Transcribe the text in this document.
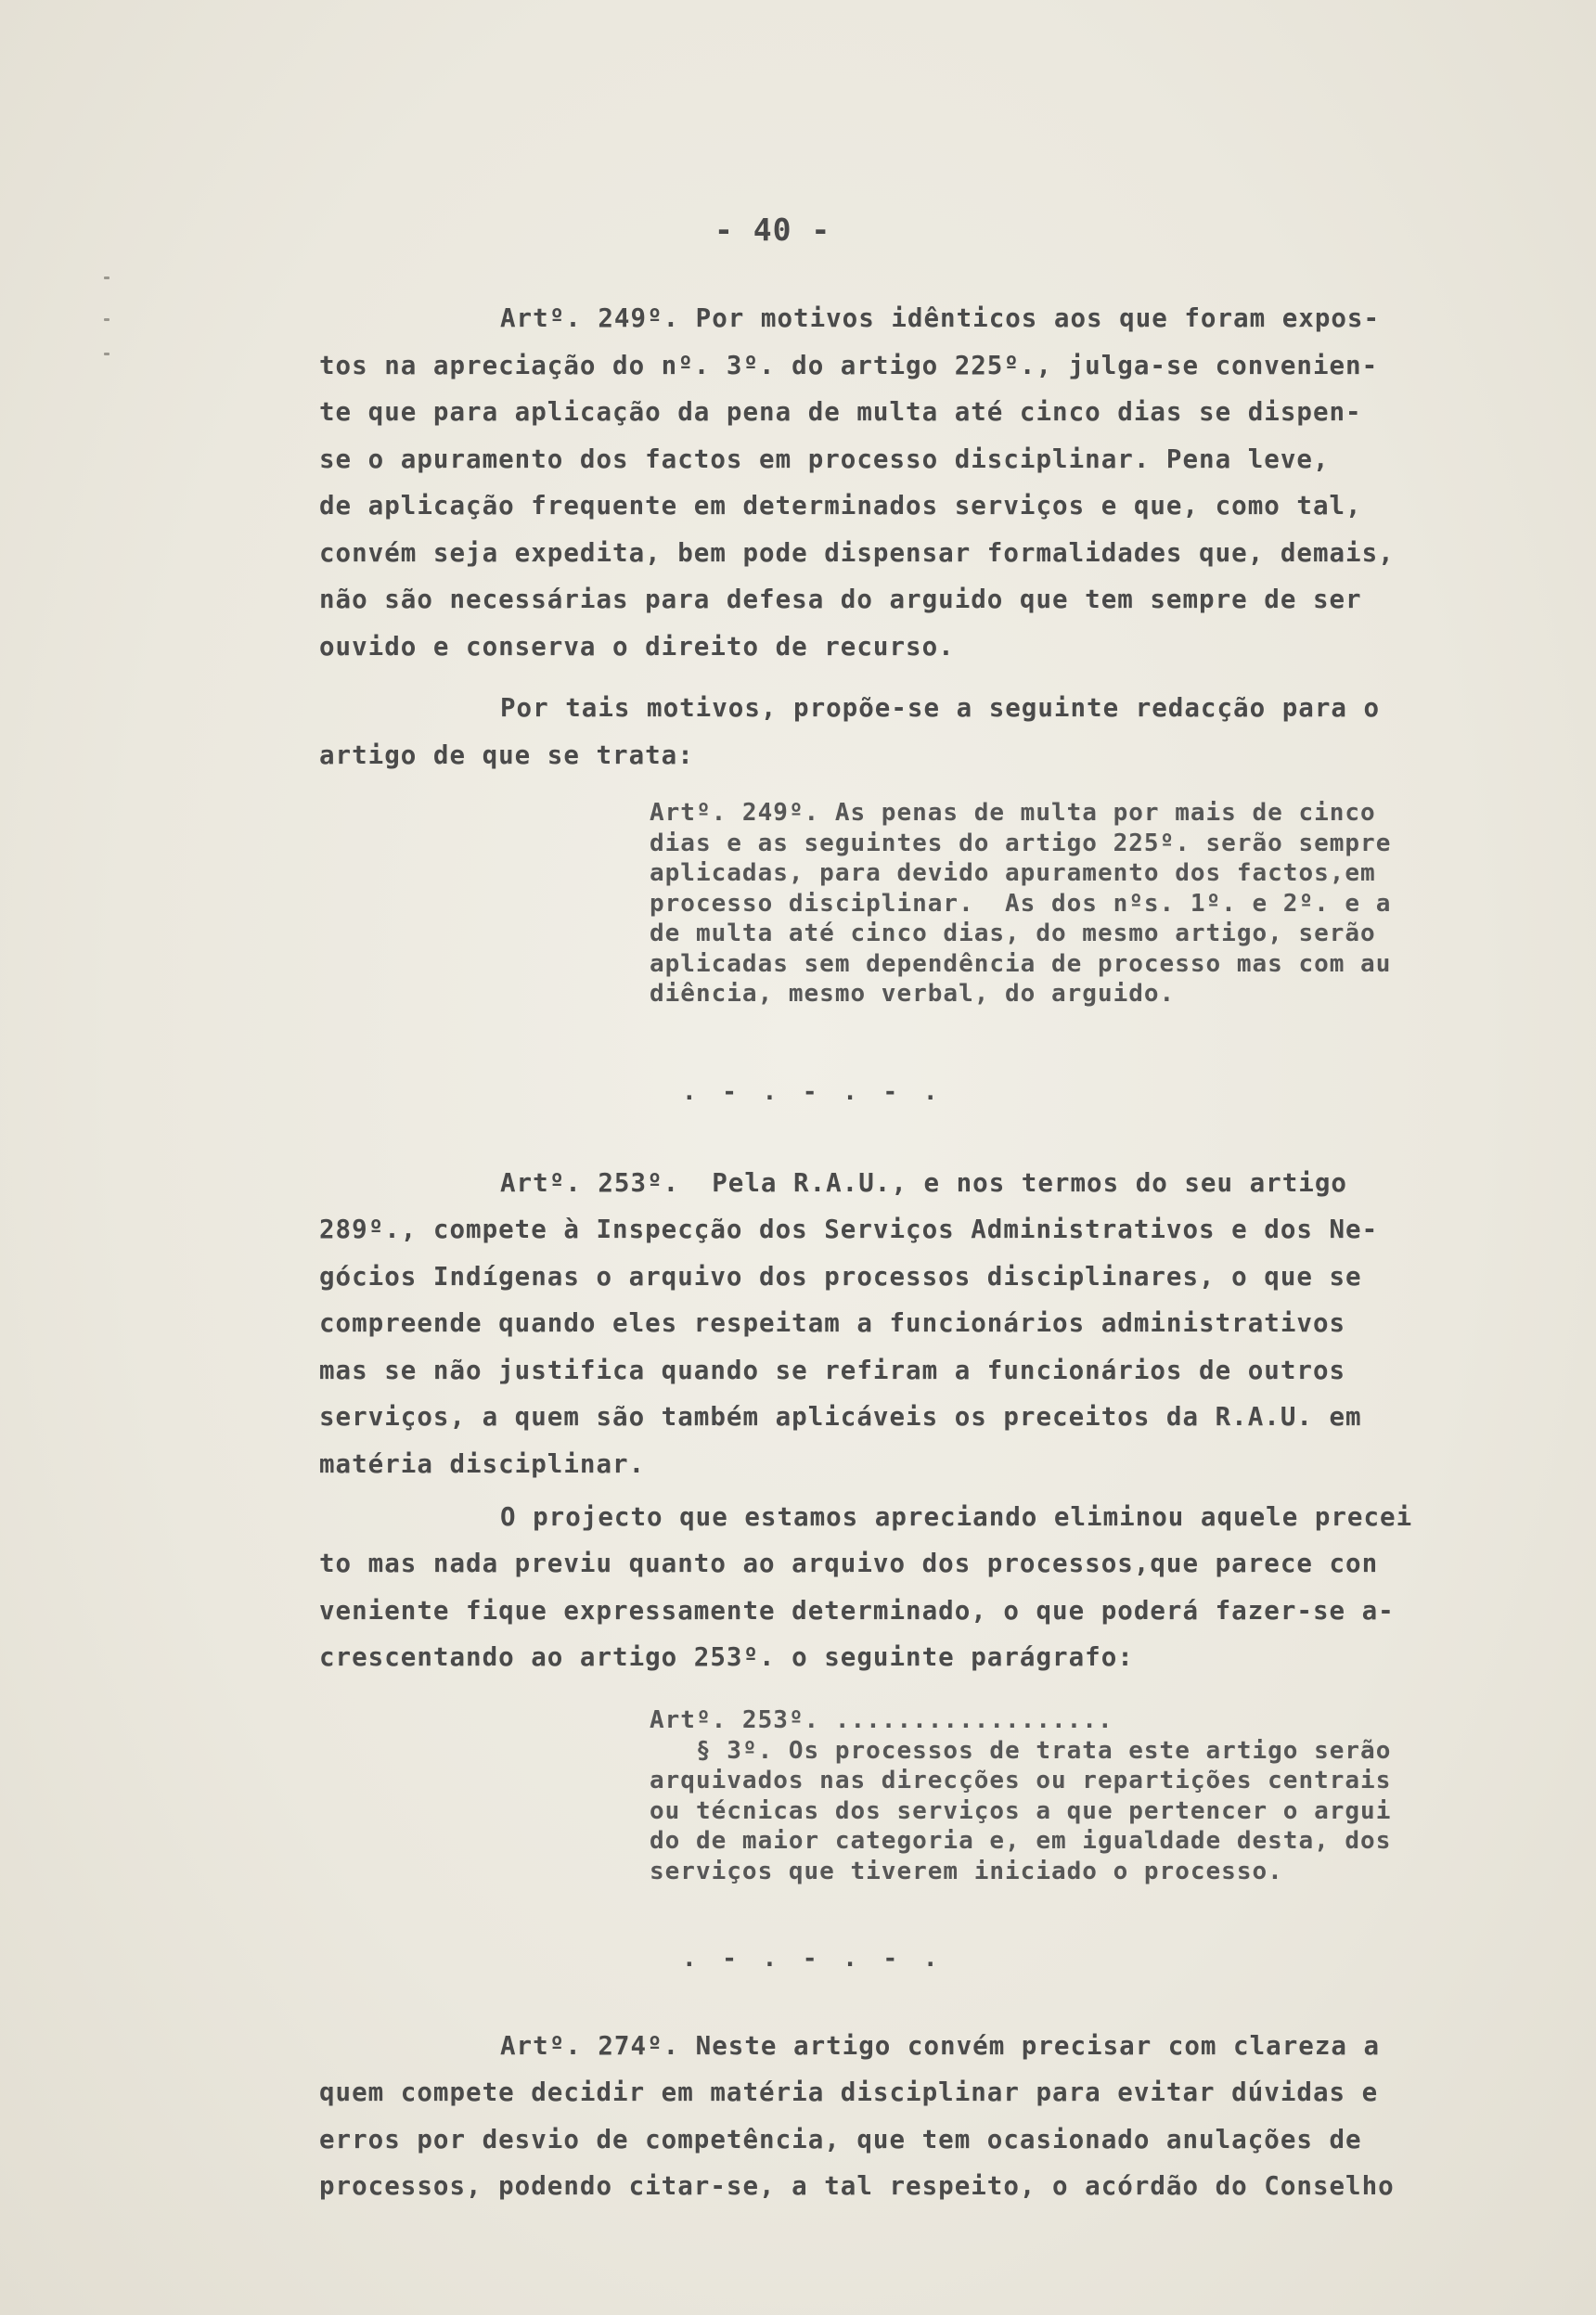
- 40 -
Artº. 249º. Por motivos idênticos aos que foram expos-
tos na apreciação do nº. 3º. do artigo 225º., julga-se convenien-
te que para aplicação da pena de multa até cinco dias se dispen-
se o apuramento dos factos em processo disciplinar. Pena leve,
de aplicação frequente em determinados serviços e que, como tal,
convém seja expedita, bem pode dispensar formalidades que, demais,
não são necessárias para defesa do arguido que tem sempre de ser
ouvido e conserva o direito de recurso.
Por tais motivos, propõe-se a seguinte redacção para o
artigo de que se trata:
Artº. 249º. As penas de multa por mais de cinco
dias e as seguintes do artigo 225º. serão sempre
aplicadas, para devido apuramento dos factos,em
processo disciplinar.  As dos nºs. 1º. e 2º. e a
de multa até cinco dias, do mesmo artigo, serão
aplicadas sem dependência de processo mas com au
diência, mesmo verbal, do arguido.
. - . - . - .
Artº. 253º.  Pela R.A.U., e nos termos do seu artigo
289º., compete à Inspecção dos Serviços Administrativos e dos Ne-
gócios Indígenas o arquivo dos processos disciplinares, o que se
compreende quando eles respeitam a funcionários administrativos
mas se não justifica quando se refiram a funcionários de outros
serviços, a quem são também aplicáveis os preceitos da R.A.U. em
matéria disciplinar.
O projecto que estamos apreciando eliminou aquele precei
to mas nada previu quanto ao arquivo dos processos,que parece con
veniente fique expressamente determinado, o que poderá fazer-se a-
crescentando ao artigo 253º. o seguinte parágrafo:
Artº. 253º. ..................
§ 3º. Os processos de trata este artigo serão
arquivados nas direcções ou repartições centrais
ou técnicas dos serviços a que pertencer o argui
do de maior categoria e, em igualdade desta, dos
serviços que tiverem iniciado o processo.
. - . - . - .
Artº. 274º. Neste artigo convém precisar com clareza a
quem compete decidir em matéria disciplinar para evitar dúvidas e
erros por desvio de competência, que tem ocasionado anulações de
processos, podendo citar-se, a tal respeito, o acórdão do Conselho
